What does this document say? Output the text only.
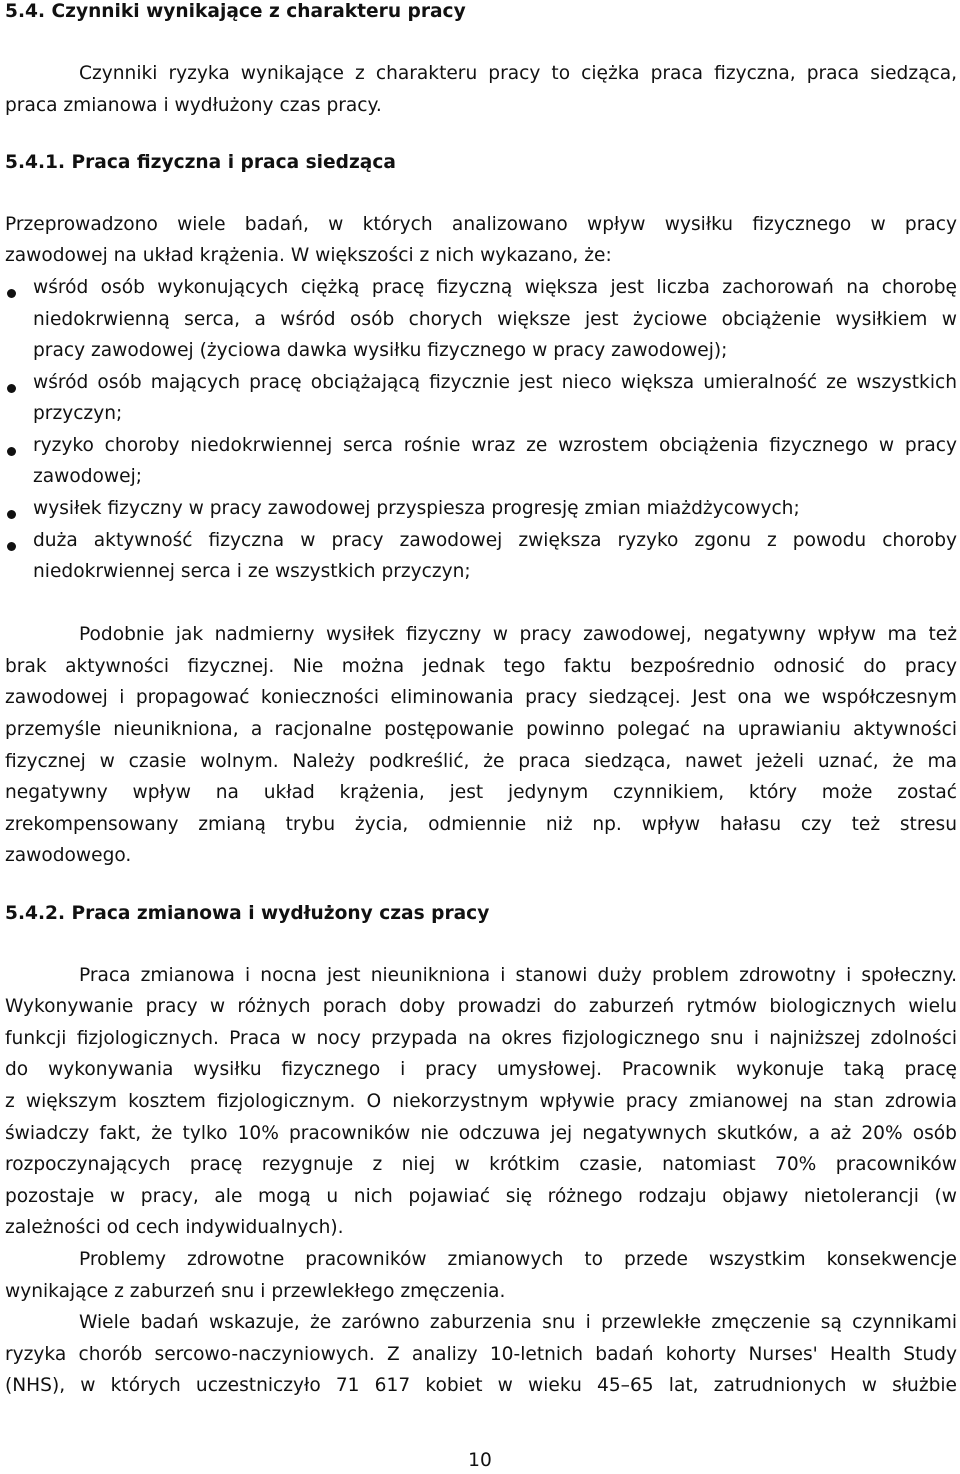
5.4. Czynniki wynikające z charakteru pracy
Czynniki ryzyka wynikające z charakteru pracy to ciężka praca fizyczna, praca siedząca,
praca zmianowa i wydłużony czas pracy.
5.4.1. Praca fizyczna i praca siedząca
Przeprowadzono wiele badań, w których analizowano wpływ wysiłku fizycznego w pracy
zawodowej na układ krążenia. W większości z nich wykazano, że:
wśród osób wykonujących ciężką pracę fizyczną większa jest liczba zachorowań na chorobę
niedokrwienną serca, a wśród osób chorych większe jest życiowe obciążenie wysiłkiem w
pracy zawodowej (życiowa dawka wysiłku fizycznego w pracy zawodowej);
wśród osób mających pracę obciążającą fizycznie jest nieco większa umieralność ze wszystkich
przyczyn;
ryzyko choroby niedokrwiennej serca rośnie wraz ze wzrostem obciążenia fizycznego w pracy
zawodowej;
wysiłek fizyczny w pracy zawodowej przyspiesza progresję zmian miażdżycowych;
duża aktywność fizyczna w pracy zawodowej zwiększa ryzyko zgonu z powodu choroby
niedokrwiennej serca i ze wszystkich przyczyn;
Podobnie jak nadmierny wysiłek fizyczny w pracy zawodowej, negatywny wpływ ma też
brak aktywności fizycznej. Nie można jednak tego faktu bezpośrednio odnosić do pracy
zawodowej i propagować konieczności eliminowania pracy siedzącej. Jest ona we współczesnym
przemyśle nieunikniona, a racjonalne postępowanie powinno polegać na uprawianiu aktywności
fizycznej w czasie wolnym. Należy podkreślić, że praca siedząca, nawet jeżeli uznać, że ma
negatywny wpływ na układ krążenia, jest jedynym czynnikiem, który może zostać
zrekompensowany zmianą trybu życia, odmiennie niż np. wpływ hałasu czy też stresu
zawodowego.
5.4.2. Praca zmianowa i wydłużony czas pracy
Praca zmianowa i nocna jest nieunikniona i stanowi duży problem zdrowotny i społeczny.
Wykonywanie pracy w różnych porach doby prowadzi do zaburzeń rytmów biologicznych wielu
funkcji fizjologicznych. Praca w nocy przypada na okres fizjologicznego snu i najniższej zdolności
do wykonywania wysiłku fizycznego i pracy umysłowej. Pracownik wykonuje taką pracę
z większym kosztem fizjologicznym. O niekorzystnym wpływie pracy zmianowej na stan zdrowia
świadczy fakt, że tylko 10% pracowników nie odczuwa jej negatywnych skutków, a aż 20% osób
rozpoczynających pracę rezygnuje z niej w krótkim czasie, natomiast 70% pracowników
pozostaje w pracy, ale mogą u nich pojawiać się różnego rodzaju objawy nietolerancji (w
zależności od cech indywidualnych).
Problemy zdrowotne pracowników zmianowych to przede wszystkim konsekwencje
wynikające z zaburzeń snu i przewlekłego zmęczenia.
Wiele badań wskazuje, że zarówno zaburzenia snu i przewlekłe zmęczenie są czynnikami
ryzyka chorób sercowo-naczyniowych. Z analizy 10-letnich badań kohorty Nurses' Health Study
(NHS), w których uczestniczyło 71 617 kobiet w wieku 45–65 lat, zatrudnionych w służbie
10
